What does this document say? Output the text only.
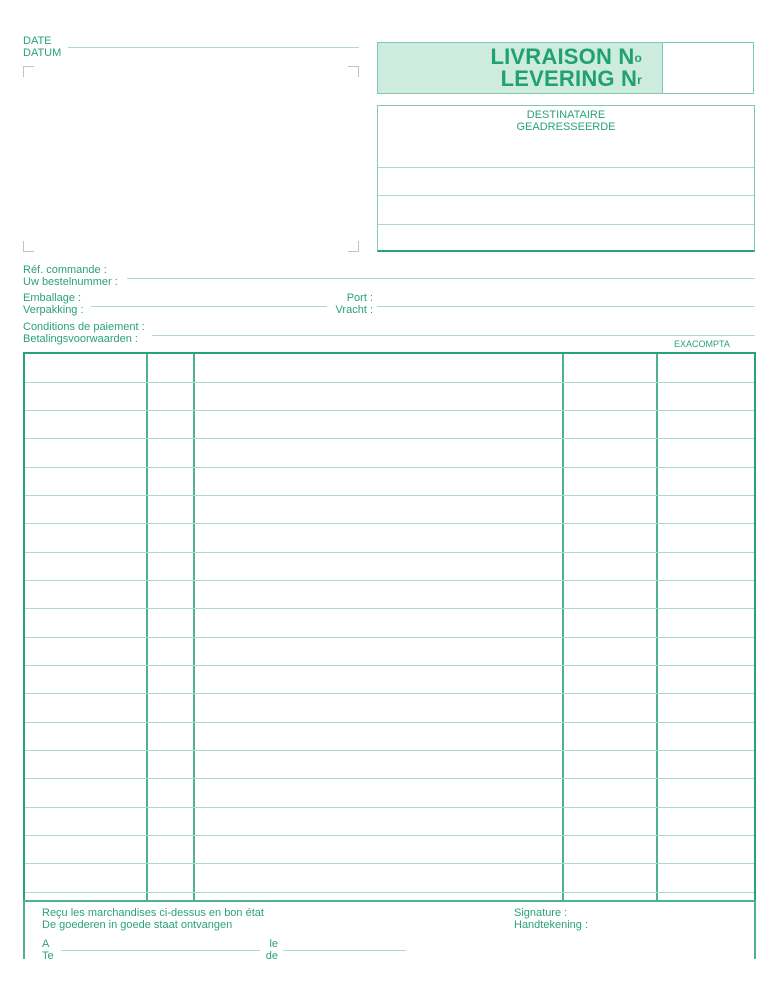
DATE
DATUM	LIVRAISON $N^o$
LEVERING $N^r$
DESTINATAIRE
GEADRESSEERDE
Réf. commande :
Uw bestelnummer :
Emballage :
Verpakking :
Port :
Vracht :
Conditions de paiement :
Betalingsvoorwaarden :	EXACOMPTA
Reçu les marchandises ci-dessus en bon état
De goederen in goede staat ontvangen
A
Te
le
de
Signature :
Handtekening :
